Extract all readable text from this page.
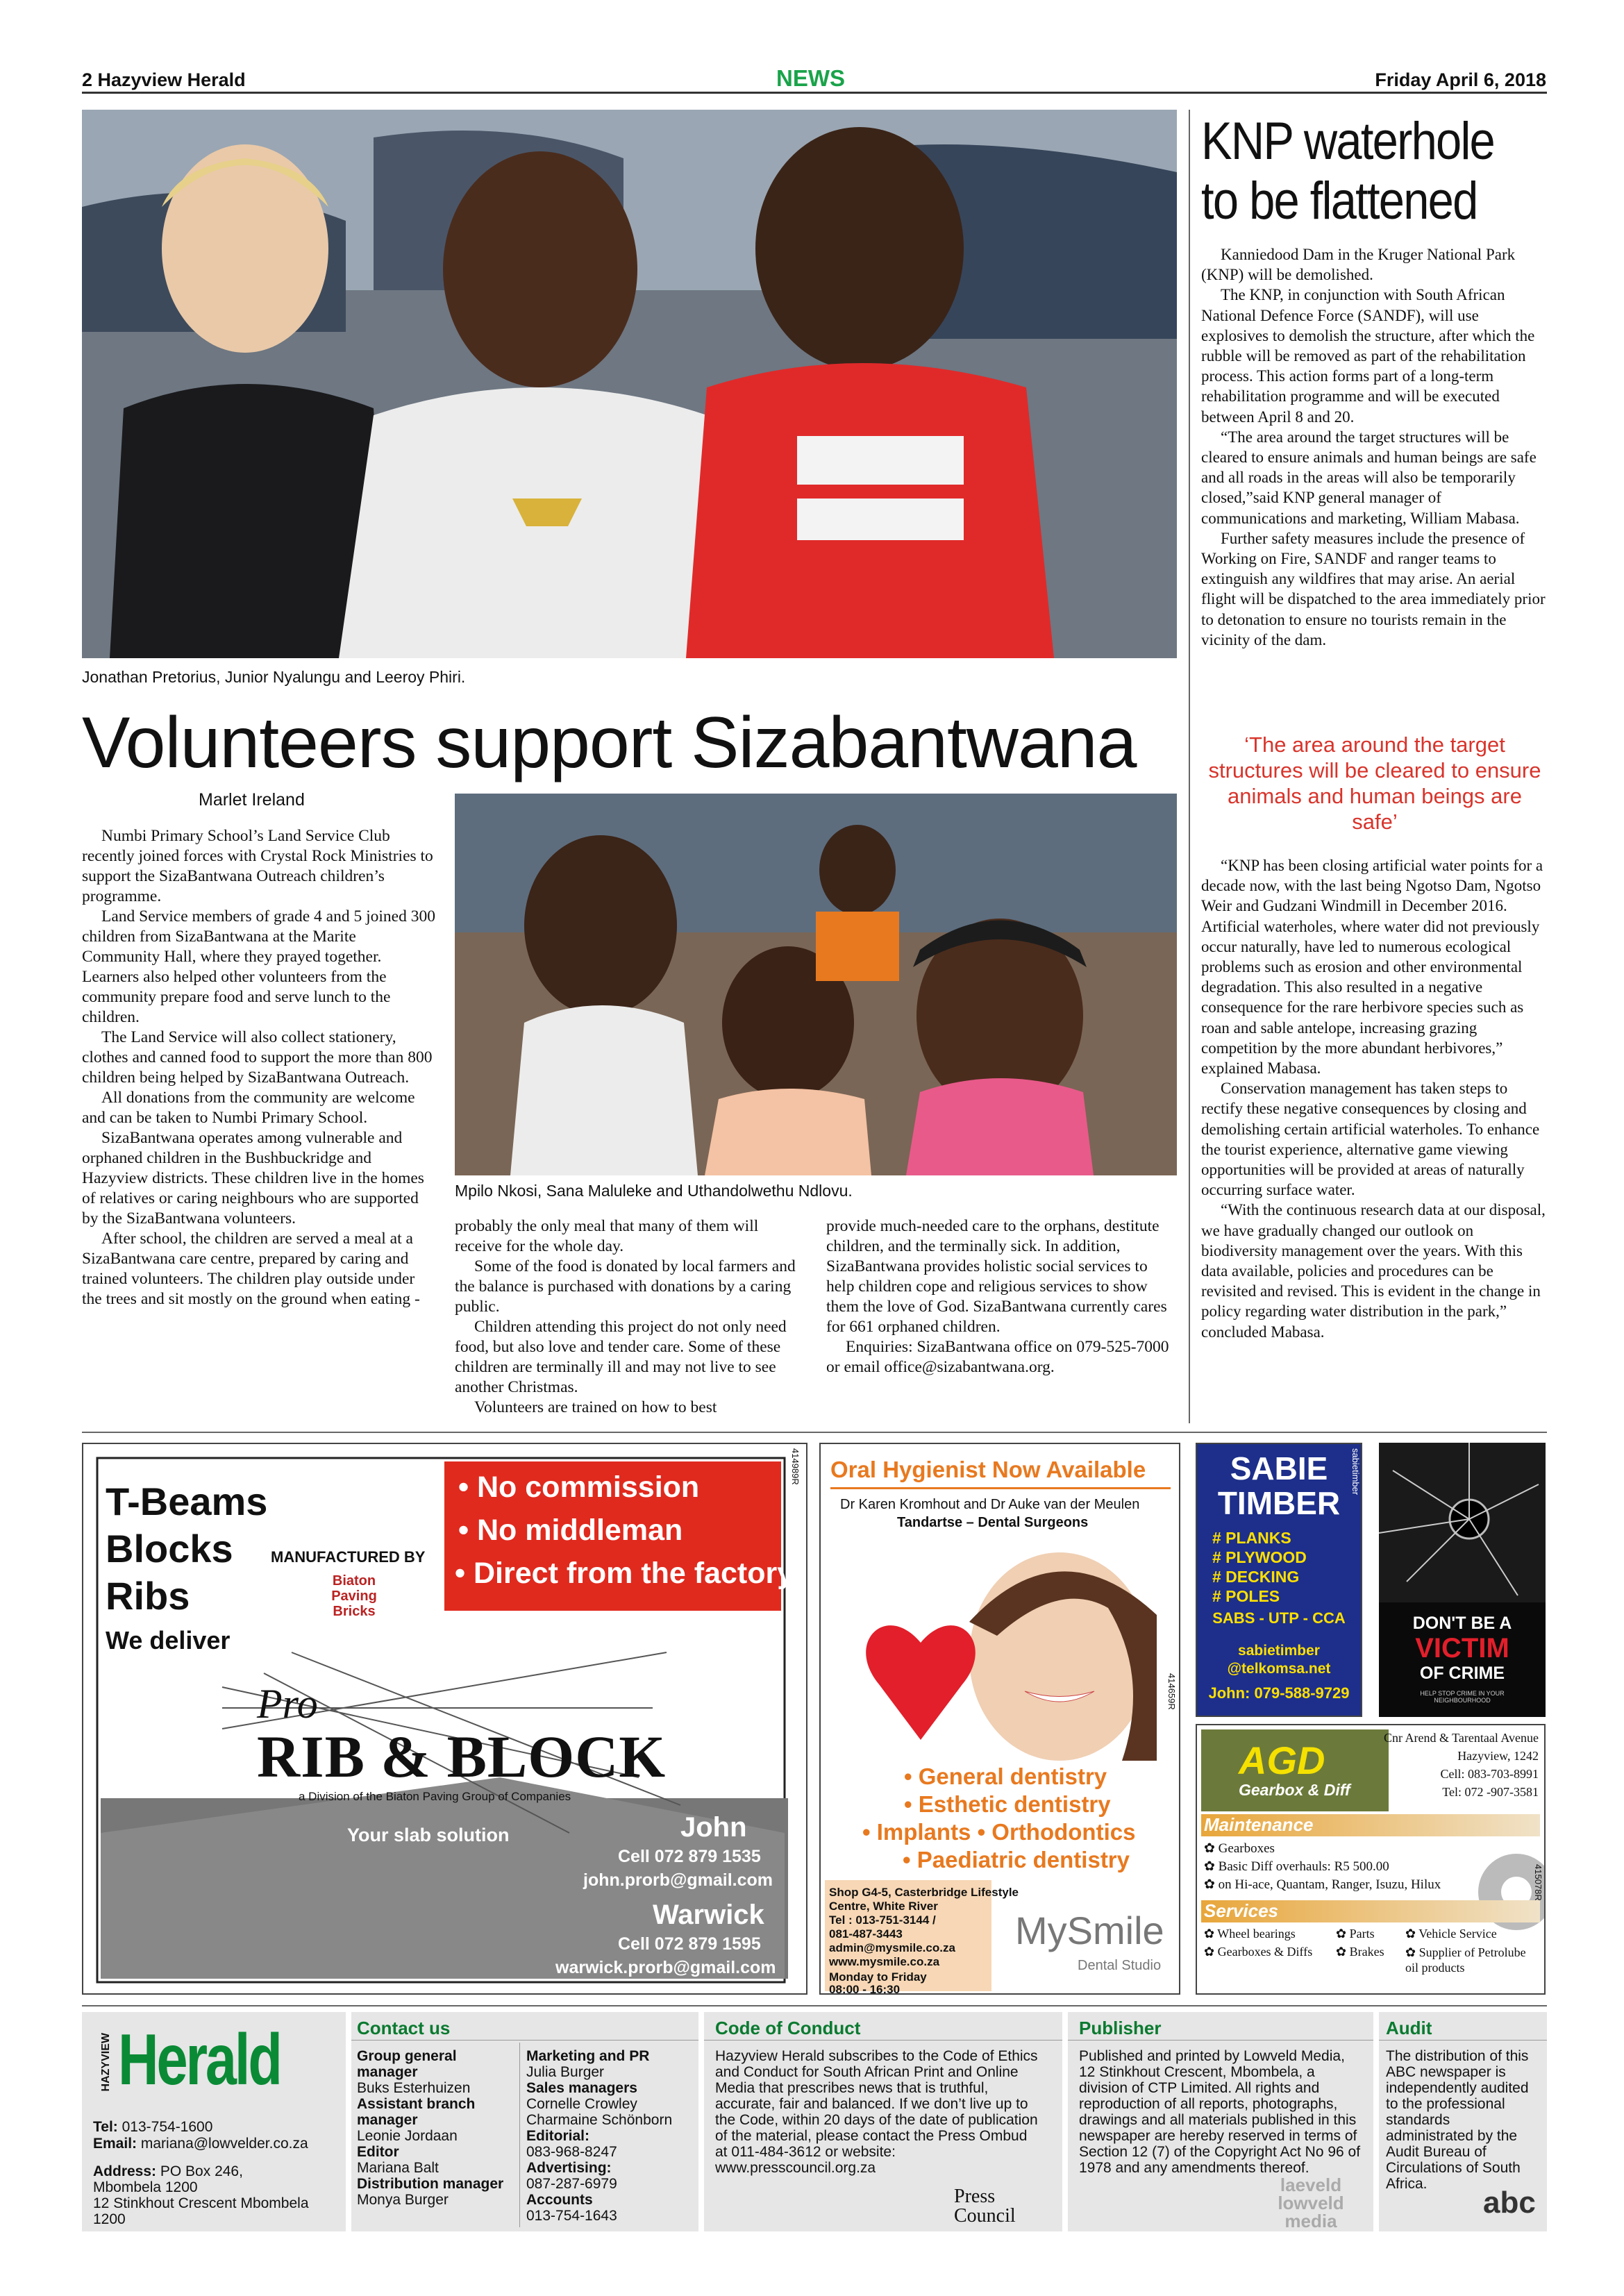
2 Hazyview Herald	NEWS	Friday April 6, 2018
Jonathan Pretorius, Junior Nyalungu and Leeroy Phiri.
Volunteers support Sizabantwana
Marlet Ireland
Mpilo Nkosi, Sana Maluleke and Uthandolwethu Ndlovu.

Numbi Primary School’s Land Service Club recently joined forces with Crystal Rock Ministries to support the SizaBantwana Outreach children’s programme.

Land Service members of grade 4 and 5 joined 300 children from SizaBantwana at the Marite Community Hall, where they prayed together. Learners also helped other volunteers from the community prepare food and serve lunch to the children.

The Land Service will also collect stationery, clothes and canned food to support the more than 800 children being helped by SizaBantwana Outreach.

All donations from the community are welcome and can be taken to Numbi Primary School.

SizaBantwana operates among vulnerable and orphaned children in the Bushbuckridge and Hazyview districts. These children live in the homes of relatives or caring neighbours who are supported by the SizaBantwana volunteers.

After school, the children are served a meal at a SizaBantwana care centre, prepared by caring and trained volunteers. The children play outside under the trees and sit mostly on the ground when eating -

probably the only meal that many of them will receive for the whole day.

Some of the food is donated by local farmers and the balance is purchased with donations by a caring public.

Children attending this project do not only need food, but also love and tender care. Some of these children are terminally ill and may not live to see another Christmas.

Volunteers are trained on how to best

provide much-needed care to the orphans, destitute children, and the terminally sick. In addition, SizaBantwana provides holistic social services to help children cope and religious services to show them the love of God. SizaBantwana currently cares for 661 orphaned children.

Enquiries: SizaBantwana office on 079-525-7000 or email office@sizabantwana.org.

KNP waterhole
to be flattened

Kanniedood Dam in the Kruger National Park (KNP) will be demolished.

The KNP, in conjunction with South African National Defence Force (SANDF), will use explosives to demolish the structure, after which the rubble will be removed as part of the rehabilitation process. This action forms part of a long-term rehabilitation programme and will be executed between April 8 and 20.

“The area around the target structures will be cleared to ensure animals and human beings are safe and all roads in the areas will also be temporarily closed,”said KNP general manager of communications and marketing, William Mabasa.

Further safety measures include the presence of Working on Fire, SANDF and ranger teams to extinguish any wildfires that may arise. An aerial flight will be dispatched to the area immediately prior to detonation to ensure no tourists remain in the vicinity of the dam.

‘The area around the target structures will be cleared to ensure animals and human beings are safe’

“KNP has been closing artificial water points for a decade now, with the last being Ngotso Dam, Ngotso Weir and Gudzani Windmill in December 2016. Artificial waterholes, where water did not previously occur naturally, have led to numerous ecological problems such as erosion and other environmental degradation. This also resulted in a negative consequence for the rare herbivore species such as roan and sable antelope, increasing grazing competition by the more abundant herbivores,” explained Mabasa.

Conservation management has taken steps to rectify these negative consequences by closing and demolishing certain artificial waterholes. To enhance the tourist experience, alternative game viewing opportunities will be provided at areas of naturally occurring surface water.

“With the continuous research data at our disposal, we have gradually changed our outlook on biodiversity management over the years. With this data available, policies and procedures can be revisited and revised. This is evident in the change in policy regarding water distribution in the park,” concluded Mabasa.

414989R
T-Beams
Blocks
Ribs
We deliver
MANUFACTURED BY
Biaton Paving Bricks
• No commission
• No middleman
• Direct from the factory
Pro
RIB & BLOCK
a Division of the Biaton Paving Group of Companies
Your slab solution	John
Cell 072 879 1535
john.prorb@gmail.com
Warwick
Cell 072 879 1595
warwick.prorb@gmail.com
Oral Hygienist Now Available
Dr Karen Kromhout and Dr Auke van der Meulen
Tandartse – Dental Surgeons
414659R
• General dentistry
• Esthetic dentistry
• Implants • Orthodontics
• Paediatric dentistry
Shop G4-5, Casterbridge Lifestyle
Centre, White River
Tel : 013-751-3144 /
081-487-3443
admin@mysmile.co.za
www.mysmile.co.za
Monday to Friday
08:00 - 16:30
MySmile
Dental Studio
SABIE
TIMBER
# PLANKS
# PLYWOOD
# DECKING
# POLES
SABS - UTP - CCA
sabietimber
@telkomsa.net
John: 079-588-9729
sabietimber
DON'T BE A
VICTIM
OF CRIME
HELP STOP CRIME IN YOUR NEIGHBOURHOOD
AGD
Gearbox & Diff
Cnr Arend & Tarentaal Avenue
Hazyview, 1242
Cell: 083-703-8991
Tel: 072 -907-3581
Maintenance
✿ Gearboxes
✿ Basic Diff overhauls: R5 500.00
✿ on Hi-ace, Quantam, Ranger, Isuzu, Hilux
Services
✿ Wheel bearings
✿ Gearboxes & Diffs
✿ Parts
✿ Brakes
✿ Vehicle Service
✿ Supplier of Petrolube oil products
415078R
HAZYVIEW Herald
Tel: 013-754-1600
Email: mariana@lowvelder.co.za
Address: PO Box 246,
Mbombela 1200
12 Stinkhout Crescent Mbombela
1200
Contact us
Group general manager
Buks Esterhuizen
Assistant branch manager
Leonie Jordaan
Editor
Mariana Balt
Distribution manager
Monya Burger
Marketing and PR
Julia Burger
Sales managers
Cornelle Crowley
Charmaine Schönborn
Editorial:
083-968-8247
Advertising:
087-287-6979
Accounts
013-754-1643
Code of Conduct
Hazyview Herald subscribes to the Code of Ethics and Conduct for South African Print and Online Media that prescribes news that is truthful, accurate, fair and balanced. If we don’t live up to the Code, within 20 days of the date of publication of the material, please contact the Press Ombud at 011-484-3612 or website: www.presscouncil.org.za
Press Council
Publisher
Published and printed by Lowveld Media, 12 Stinkhout Crescent, Mbombela, a division of CTP Limited. All rights and reproduction of all reports, photographs, drawings and all materials published in this newspaper are hereby reserved in terms of Section 12 (7) of the Copyright Act No 96 of 1978 and any amendments thereof.
laeveld lowveld media
Audit
The distribution of this ABC newspaper is independently audited to the professional standards administrated by the Audit Bureau of Circulations of South Africa.
abc
